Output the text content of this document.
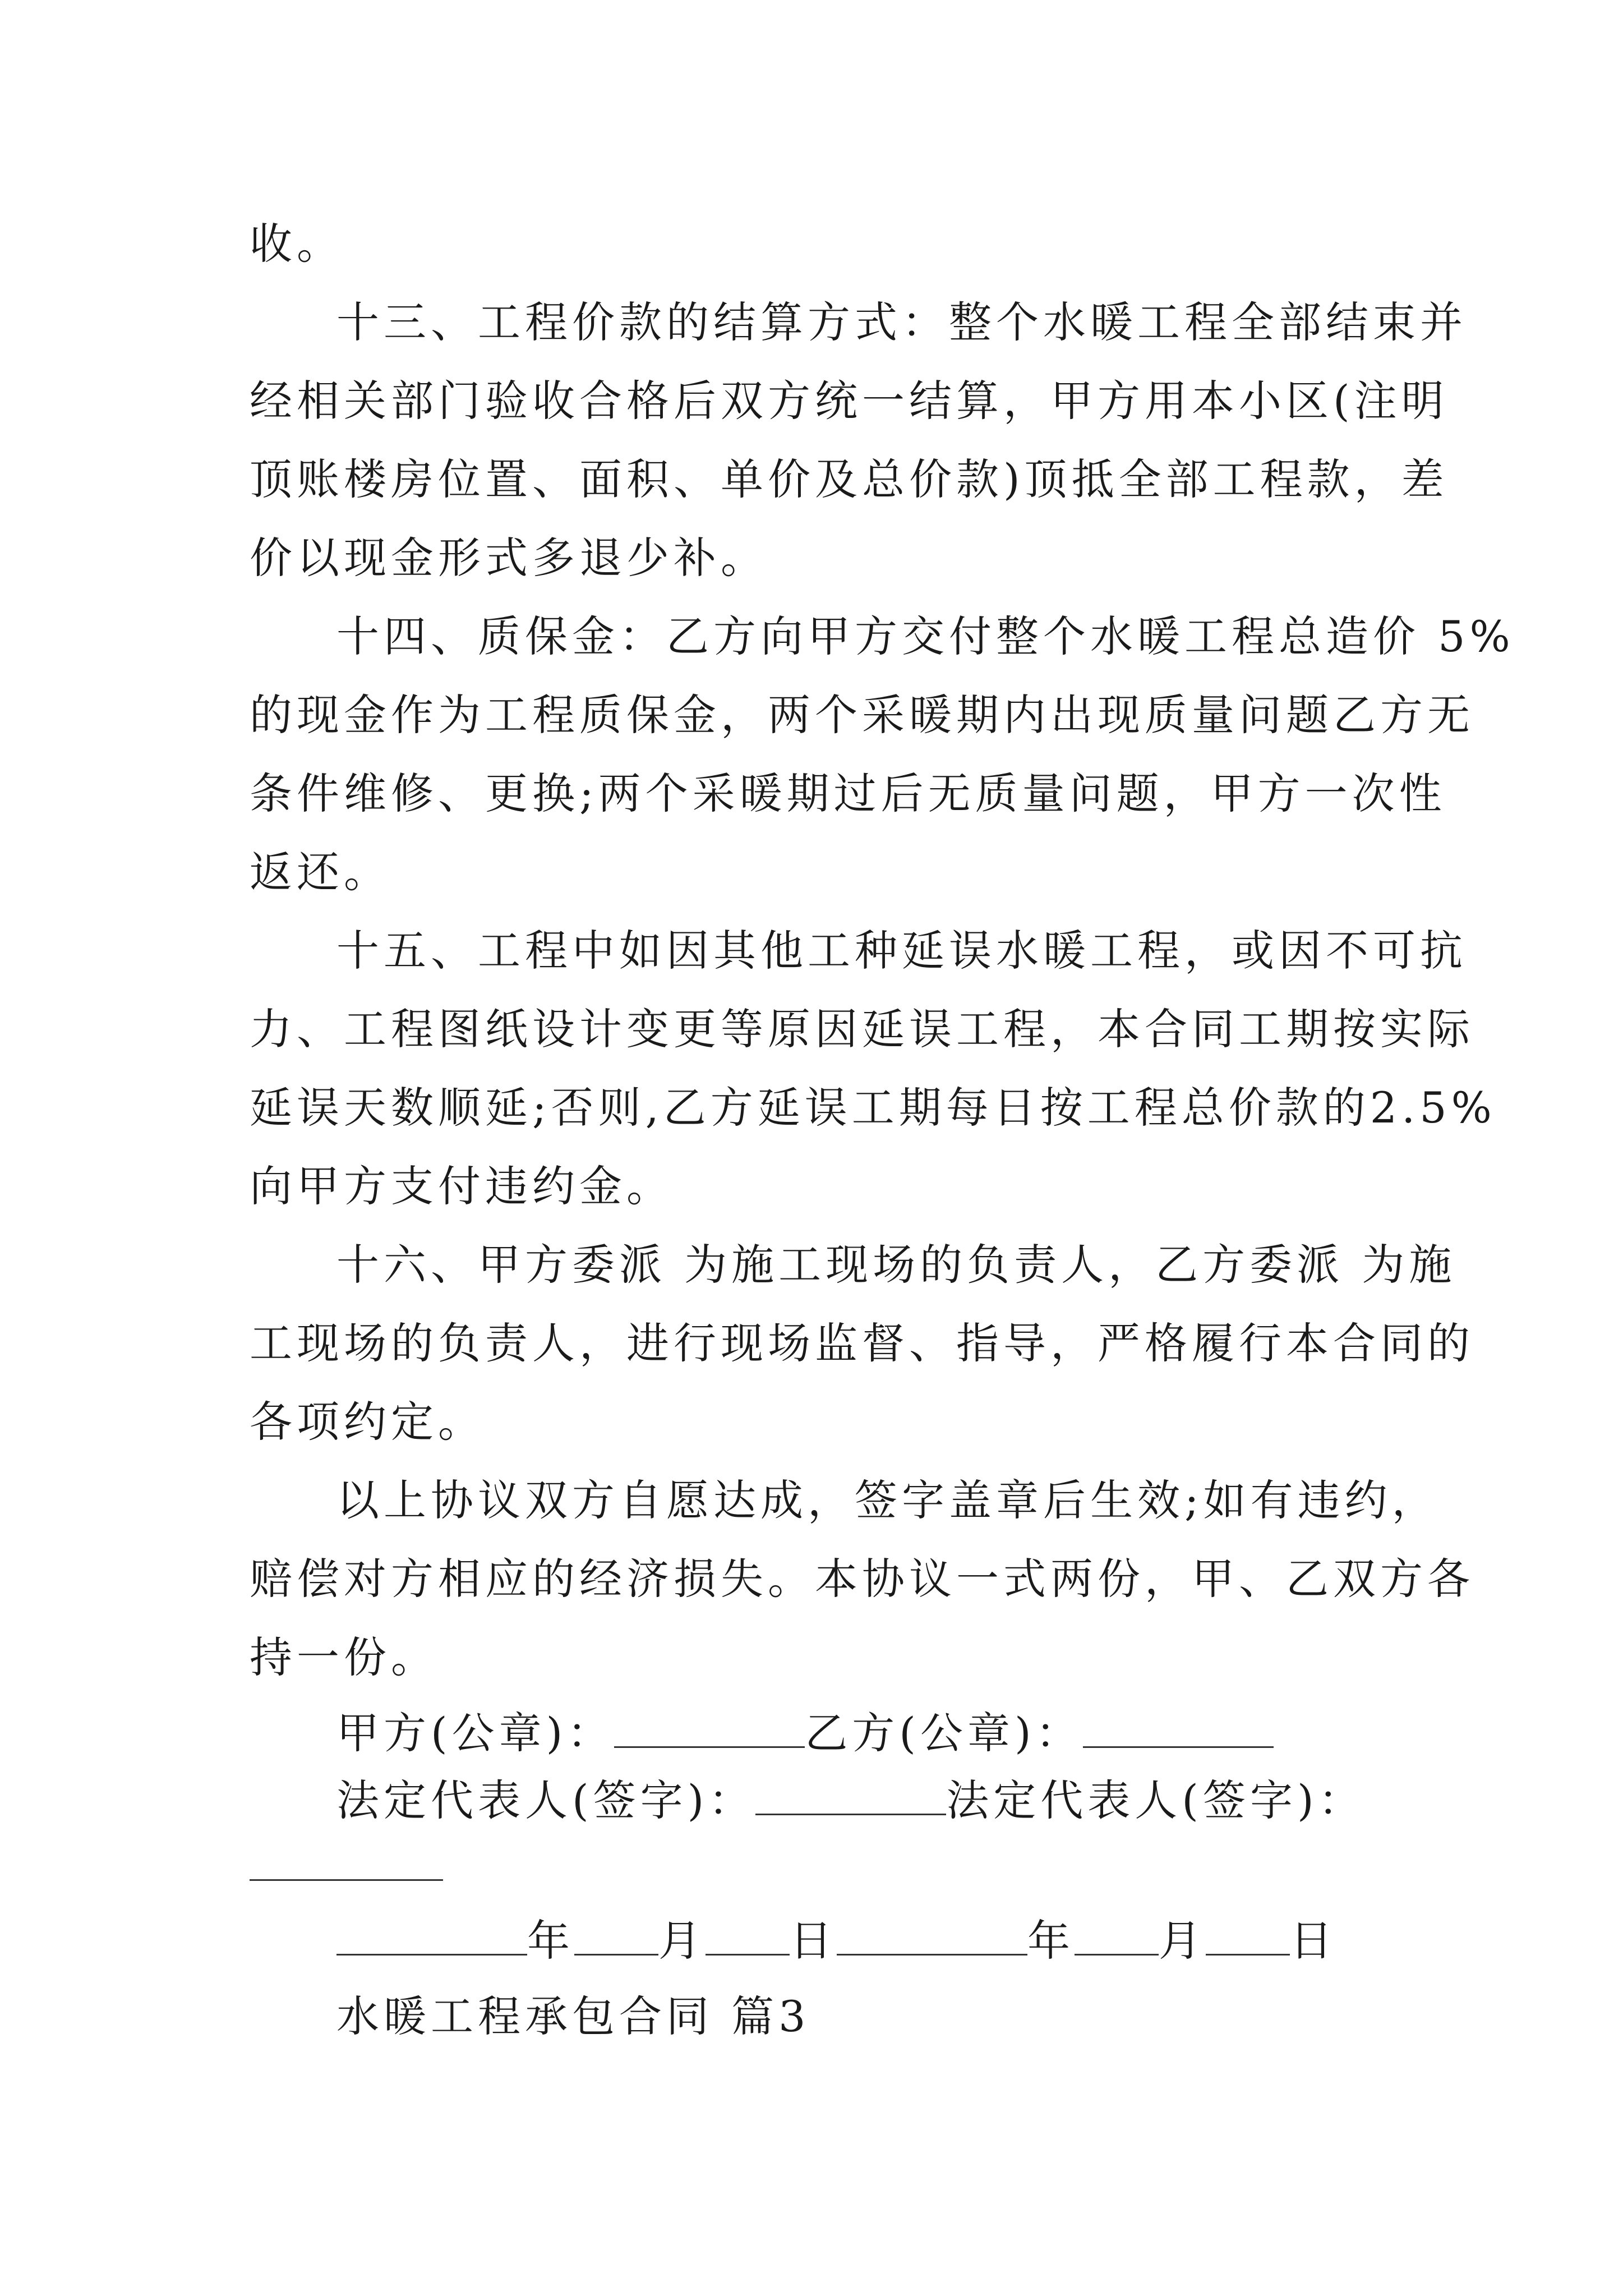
收。
十三、工程价款的结算方式：整个水暖工程全部结束并
经相关部门验收合格后双方统一结算，甲方用本小区(注明
顶账楼房位置、面积、单价及总价款)顶抵全部工程款，差
价以现金形式多退少补。
十四、质保金：乙方向甲方交付整个水暖工程总造价 5%
的现金作为工程质保金，两个采暖期内出现质量问题乙方无
条件维修、更换;两个采暖期过后无质量问题，甲方一次性
返还。
十五、工程中如因其他工种延误水暖工程，或因不可抗
力、工程图纸设计变更等原因延误工程，本合同工期按实际
延误天数顺延;否则,乙方延误工期每日按工程总价款的2.5%
向甲方支付违约金。
十六、甲方委派 为施工现场的负责人，乙方委派 为施
工现场的负责人，进行现场监督、指导，严格履行本合同的
各项约定。
以上协议双方自愿达成，签字盖章后生效;如有违约，
赔偿对方相应的经济损失。本协议一式两份，甲、乙双方各
持一份。
甲方(公章)：	乙方(公章)：
法定代表人(签字)：	法定代表人(签字)：
年 月 日	年 月 日
水暖工程承包合同 篇3
